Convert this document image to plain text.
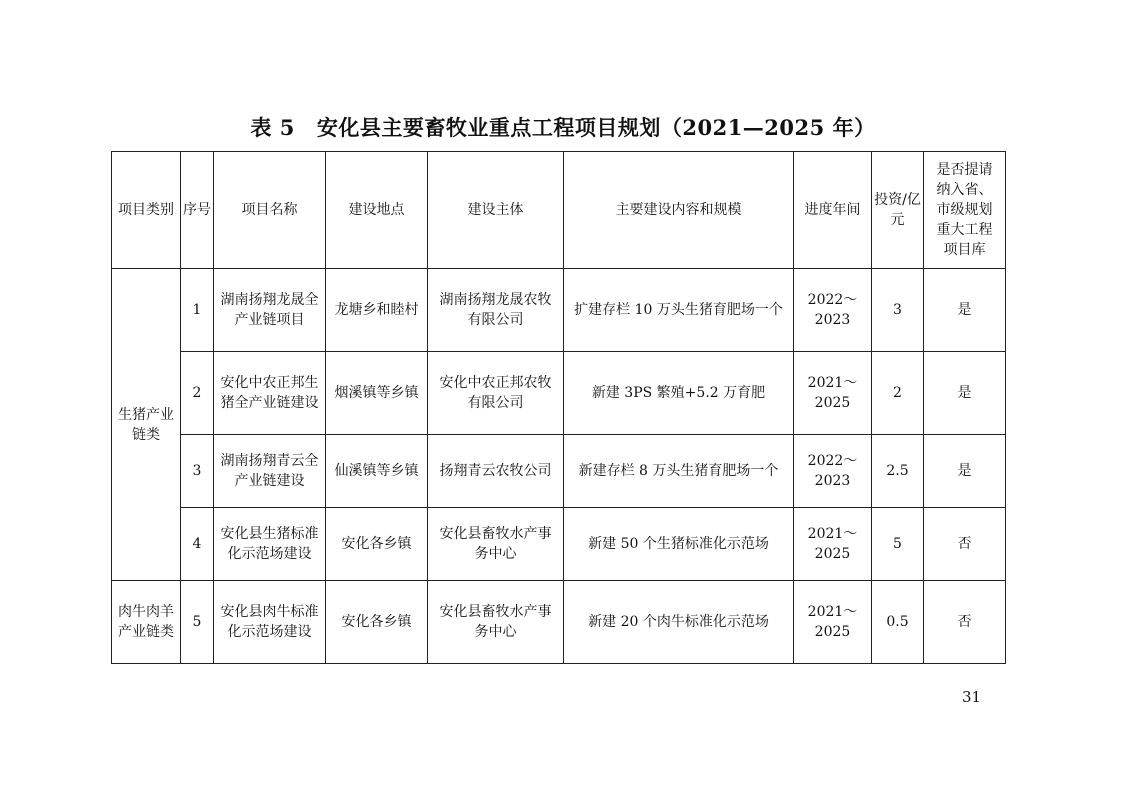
表 5 安化县主要畜牧业重点工程项目规划（2021—2025 年）
项目类别	序号	项目名称	建设地点	建设主体	主要建设内容和规模	进度年间	投资/亿元	是否提请纳入省、市级规划重大工程项目库
生猪产业链类	1	湖南扬翔龙晟全产业链项目	龙塘乡和睦村	湖南扬翔龙晟农牧有限公司	扩建存栏 10 万头生猪育肥场一个	2022～2023	3	是
	2	安化中农正邦生猪全产业链建设	烟溪镇等乡镇	安化中农正邦农牧有限公司	新建 3PS 繁殖+5.2 万育肥	2021～2025	2	是
	3	湖南扬翔青云全产业链建设	仙溪镇等乡镇	扬翔青云农牧公司	新建存栏 8 万头生猪育肥场一个	2022～2023	2.5	是
	4	安化县生猪标准化示范场建设	安化各乡镇	安化县畜牧水产事务中心	新建 50 个生猪标准化示范场	2021～2025	5	否
肉牛肉羊产业链类	5	安化县肉牛标准化示范场建设	安化各乡镇	安化县畜牧水产事务中心	新建 20 个肉牛标准化示范场	2021～2025	0.5	否
31
